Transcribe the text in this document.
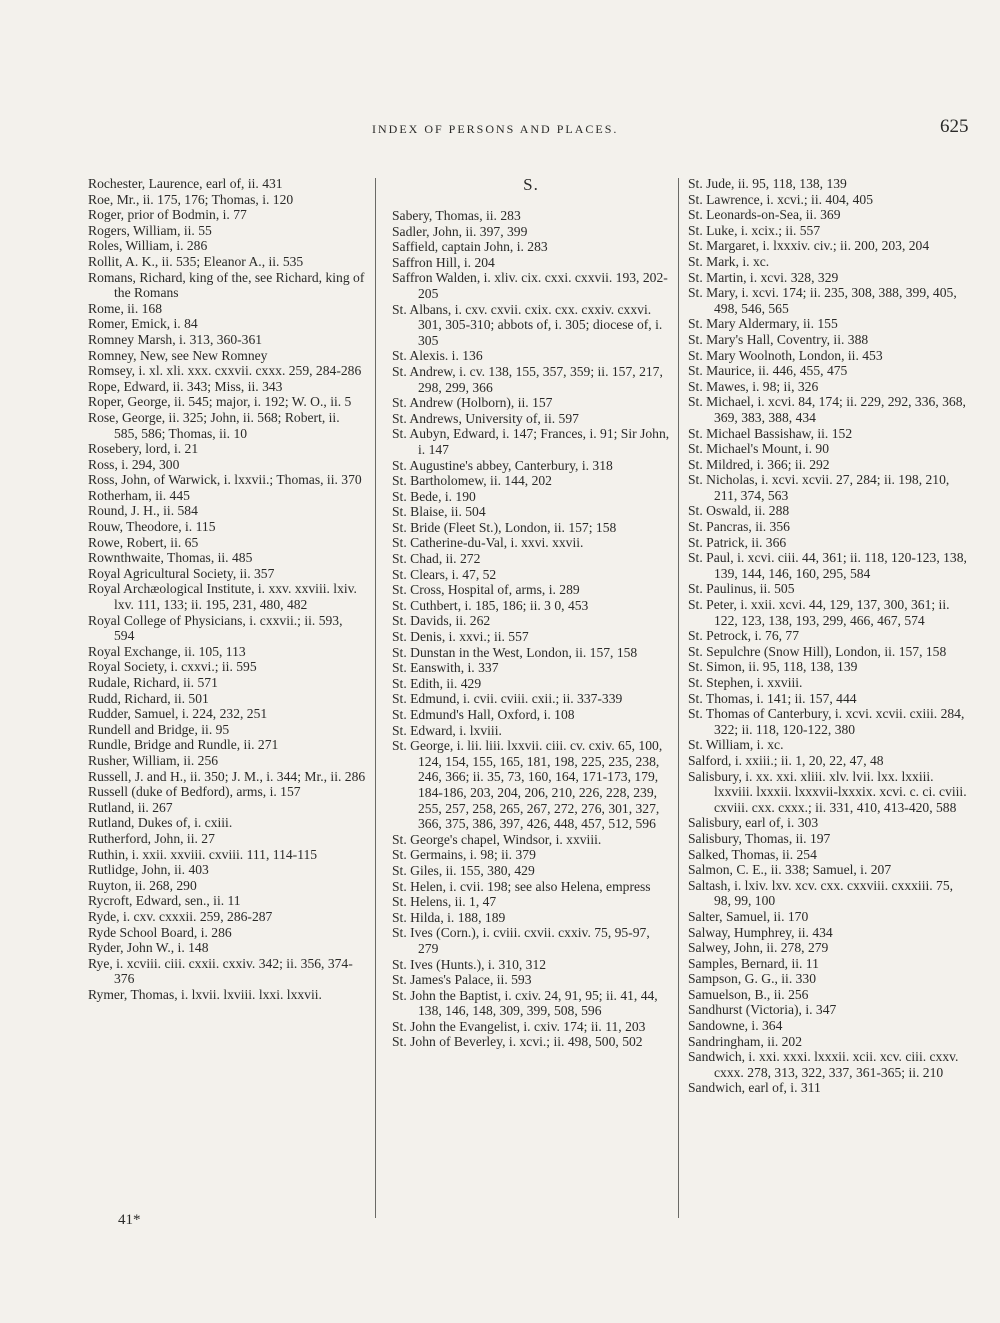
INDEX OF PERSONS AND PLACES.	625
Rochester, Laurence, earl of, ii. 431
Roe, Mr., ii. 175, 176; Thomas, i. 120
Roger, prior of Bodmin, i. 77
Rogers, William, ii. 55
Roles, William, i. 286
Rollit, A. K., ii. 535; Eleanor A., ii. 535
Romans, Richard, king of the, see Richard, king of the Romans
Rome, ii. 168
Romer, Emick, i. 84
Romney Marsh, i. 313, 360-361
Romney, New, see New Romney
Romsey, i. xl. xli. xxx. cxxvii. cxxx. 259, 284-286
Rope, Edward, ii. 343; Miss, ii. 343
Roper, George, ii. 545; major, i. 192; W. O., ii. 5
Rose, George, ii. 325; John, ii. 568; Robert, ii. 585, 586; Thomas, ii. 10
Rosebery, lord, i. 21
Ross, i. 294, 300
Ross, John, of Warwick, i. lxxvii.; Thomas, ii. 370
Rotherham, ii. 445
Round, J. H., ii. 584
Rouw, Theodore, i. 115
Rowe, Robert, ii. 65
Rownthwaite, Thomas, ii. 485
Royal Agricultural Society, ii. 357
Royal Archæological Institute, i. xxv. xxviii. lxiv. lxv. 111, 133; ii. 195, 231, 480, 482
Royal College of Physicians, i. cxxvii.; ii. 593, 594
Royal Exchange, ii. 105, 113
Royal Society, i. cxxvi.; ii. 595
Rudale, Richard, ii. 571
Rudd, Richard, ii. 501
Rudder, Samuel, i. 224, 232, 251
Rundell and Bridge, ii. 95
Rundle, Bridge and Rundle, ii. 271
Rusher, William, ii. 256
Russell, J. and H., ii. 350; J. M., i. 344; Mr., ii. 286
Russell (duke of Bedford), arms, i. 157
Rutland, ii. 267
Rutland, Dukes of, i. cxiii.
Rutherford, John, ii. 27
Ruthin, i. xxii. xxviii. cxviii. 111, 114-115
Rutlidge, John, ii. 403
Ruyton, ii. 268, 290
Rycroft, Edward, sen., ii. 11
Ryde, i. cxv. cxxxii. 259, 286-287
Ryde School Board, i. 286
Ryder, John W., i. 148
Rye, i. xcviii. ciii. cxxii. cxxiv. 342; ii. 356, 374-376
Rymer, Thomas, i. lxvii. lxviii. lxxi. lxxvii.
S.
Sabery, Thomas, ii. 283
Sadler, John, ii. 397, 399
Saffield, captain John, i. 283
Saffron Hill, i. 204
Saffron Walden, i. xliv. cix. cxxi. cxxvii. 193, 202-205
St. Albans, i. cxv. cxvii. cxix. cxx. cxxiv. cxxvi. 301, 305-310; abbots of, i. 305; diocese of, i. 305
St. Alexis. i. 136
St. Andrew, i. cv. 138, 155, 357, 359; ii. 157, 217, 298, 299, 366
St. Andrew (Holborn), ii. 157
St. Andrews, University of, ii. 597
St. Aubyn, Edward, i. 147; Frances, i. 91; Sir John, i. 147
St. Augustine's abbey, Canterbury, i. 318
St. Bartholomew, ii. 144, 202
St. Bede, i. 190
St. Blaise, ii. 504
St. Bride (Fleet St.), London, ii. 157; 158
St. Catherine-du-Val, i. xxvi. xxvii.
St. Chad, ii. 272
St. Clears, i. 47, 52
St. Cross, Hospital of, arms, i. 289
St. Cuthbert, i. 185, 186; ii. 3 0, 453
St. Davids, ii. 262
St. Denis, i. xxvi.; ii. 557
St. Dunstan in the West, London, ii. 157, 158
St. Eanswith, i. 337
St. Edith, ii. 429
St. Edmund, i. cvii. cviii. cxii.; ii. 337-339
St. Edmund's Hall, Oxford, i. 108
St. Edward, i. lxviii.
St. George, i. lii. liii. lxxvii. ciii. cv. cxiv. 65, 100, 124, 154, 155, 165, 181, 198, 225, 235, 238, 246, 366; ii. 35, 73, 160, 164, 171-173, 179, 184-186, 203, 204, 206, 210, 226, 228, 239, 255, 257, 258, 265, 267, 272, 276, 301, 327, 366, 375, 386, 397, 426, 448, 457, 512, 596
St. George's chapel, Windsor, i. xxviii.
St. Germains, i. 98; ii. 379
St. Giles, ii. 155, 380, 429
St. Helen, i. cvii. 198; see also Helena, empress
St. Helens, ii. 1, 47
St. Hilda, i. 188, 189
St. Ives (Corn.), i. cviii. cxvii. cxxiv. 75, 95-97, 279
St. Ives (Hunts.), i. 310, 312
St. James's Palace, ii. 593
St. John the Baptist, i. cxiv. 24, 91, 95; ii. 41, 44, 138, 146, 148, 309, 399, 508, 596
St. John the Evangelist, i. cxiv. 174; ii. 11, 203
St. John of Beverley, i. xcvi.; ii. 498, 500, 502
St. Jude, ii. 95, 118, 138, 139
St. Lawrence, i. xcvi.; ii. 404, 405
St. Leonards-on-Sea, ii. 369
St. Luke, i. xcix.; ii. 557
St. Margaret, i. lxxxiv. civ.; ii. 200, 203, 204
St. Mark, i. xc.
St. Martin, i. xcvi. 328, 329
St. Mary, i. xcvi. 174; ii. 235, 308, 388, 399, 405, 498, 546, 565
St. Mary Aldermary, ii. 155
St. Mary's Hall, Coventry, ii. 388
St. Mary Woolnoth, London, ii. 453
St. Maurice, ii. 446, 455, 475
St. Mawes, i. 98; ii, 326
St. Michael, i. xcvi. 84, 174; ii. 229, 292, 336, 368, 369, 383, 388, 434
St. Michael Bassishaw, ii. 152
St. Michael's Mount, i. 90
St. Mildred, i. 366; ii. 292
St. Nicholas, i. xcvi. xcvii. 27, 284; ii. 198, 210, 211, 374, 563
St. Oswald, ii. 288
St. Pancras, ii. 356
St. Patrick, ii. 366
St. Paul, i. xcvi. ciii. 44, 361; ii. 118, 120-123, 138, 139, 144, 146, 160, 295, 584
St. Paulinus, ii. 505
St. Peter, i. xxii. xcvi. 44, 129, 137, 300, 361; ii. 122, 123, 138, 193, 299, 466, 467, 574
St. Petrock, i. 76, 77
St. Sepulchre (Snow Hill), London, ii. 157, 158
St. Simon, ii. 95, 118, 138, 139
St. Stephen, i. xxviii.
St. Thomas, i. 141; ii. 157, 444
St. Thomas of Canterbury, i. xcvi. xcvii. cxiii. 284, 322; ii. 118, 120-122, 380
St. William, i. xc.
Salford, i. xxiii.; ii. 1, 20, 22, 47, 48
Salisbury, i. xx. xxi. xliii. xlv. lvii. lxx. lxxiii. lxxviii. lxxxii. lxxxvii-lxxxix. xcvi. c. ci. cviii. cxviii. cxx. cxxx.; ii. 331, 410, 413-420, 588
Salisbury, earl of, i. 303
Salisbury, Thomas, ii. 197
Salked, Thomas, ii. 254
Salmon, C. E., ii. 338; Samuel, i. 207
Saltash, i. lxiv. lxv. xcv. cxx. cxxviii. cxxxiii. 75, 98, 99, 100
Salter, Samuel, ii. 170
Salway, Humphrey, ii. 434
Salwey, John, ii. 278, 279
Samples, Bernard, ii. 11
Sampson, G. G., ii. 330
Samuelson, B., ii. 256
Sandhurst (Victoria), i. 347
Sandowne, i. 364
Sandringham, ii. 202
Sandwich, i. xxi. xxxi. lxxxii. xcii. xcv. ciii. cxxv. cxxx. 278, 313, 322, 337, 361-365; ii. 210
Sandwich, earl of, i. 311
41*
